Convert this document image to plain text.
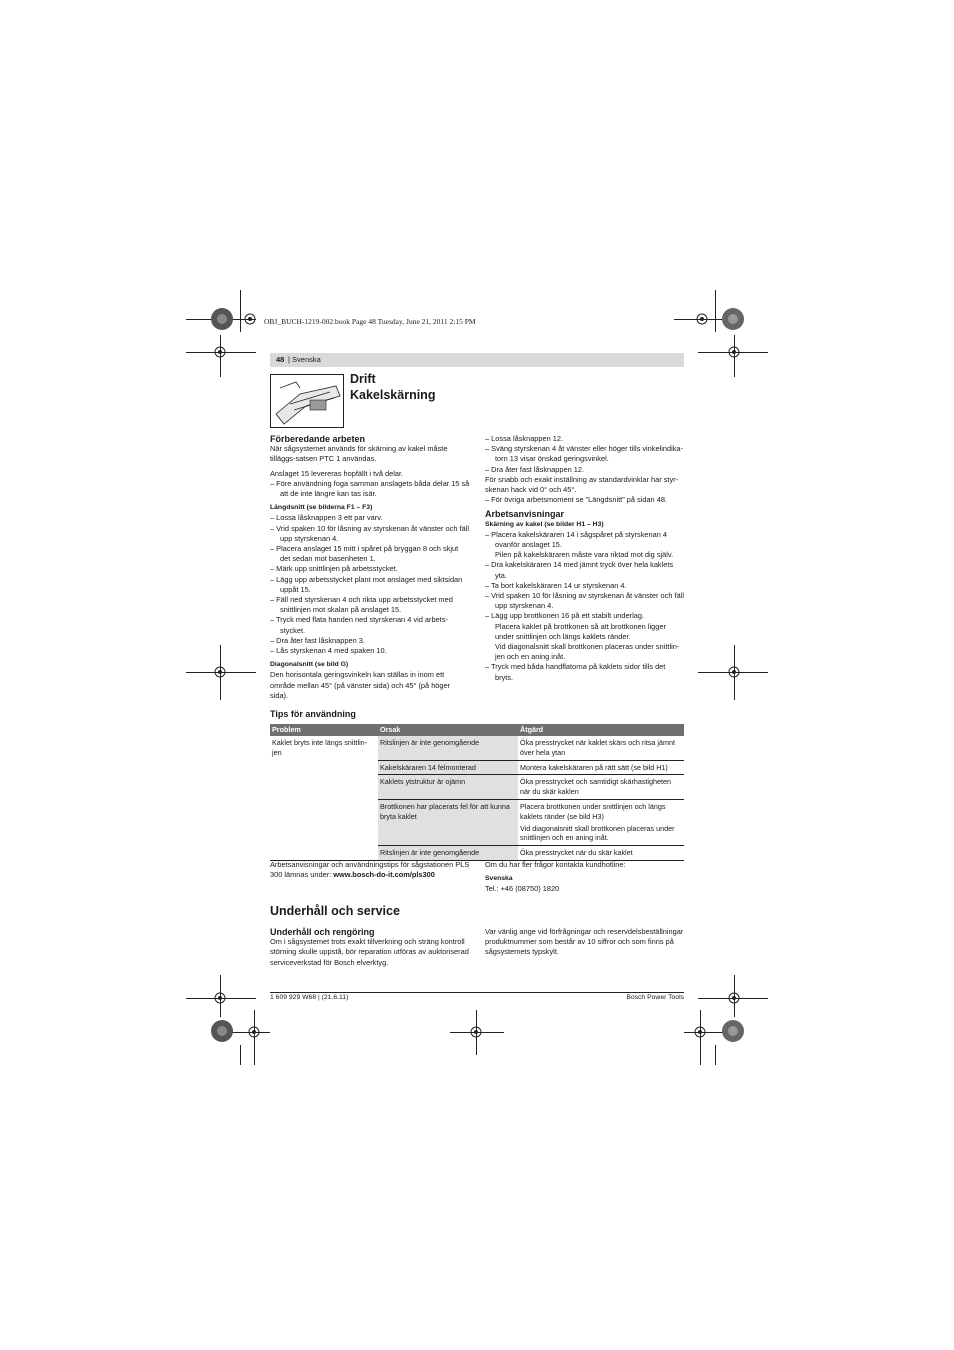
OBJ_BUCH-1219-002.book Page 48 Tuesday, June 21, 2011 2:15 PM
48 | Svenska
Drift
Kakelskärning

Förberedande arbeten

När sågsystemet används för skärning av kakel måste tilläggs-satsen PTC 1 användas.

Anslaget 15 levereras hopfällt i två delar.

– Före användning foga samman anslagets båda delar 15 så att de inte längre kan tas isär.

Längdsnitt (se bilderna F1 – F3)

– Lossa låsknappen 3 ett par varv.

– Vrid spaken 10 för låsning av styrskenan åt vänster och fäll upp styrskenan 4.

– Placera anslaget 15 mitt i spåret på bryggan 8 och skjut det sedan mot basenheten 1.

– Märk upp snittlinjen på arbetsstycket.

– Lägg upp arbetsstycket plant mot anslaget med siktsidan uppåt 15.

– Fäll ned styrskenan 4 och rikta upp arbetsstycket med snittlinjen mot skalan på anslaget 15.

– Tryck med flata handen ned styrskenan 4 vid arbets-stycket.

– Dra åter fast låsknappen 3.

– Lås styrskenan 4 med spaken 10.

Diagonalsnitt (se bild G)

Den horisontala geringsvinkeln kan ställas in inom ett område mellan 45° (på vänster sida) och 45° (på höger sida).

– Lossa låsknappen 12.

– Sväng styrskenan 4 åt vänster eller höger tills vinkelindika-torn 13 visar önskad geringsvinkel.

– Dra åter fast låsknappen 12.

För snabb och exakt inställning av standardvinklar har styr-skenan hack vid 0° och 45°.

– För övriga arbetsmoment se ”Längdsnitt” på sidan 48.

Arbetsanvisningar

Skärning av kakel (se bilder H1 – H3)

– Placera kakelskäraren 14 i sågspåret på styrskenan 4 ovanför anslaget 15.

Pilen på kakelskäraren måste vara riktad mot dig själv.

– Dra kakelskäraren 14 med jämnt tryck över hela kaklets yta.

– Ta bort kakelskäraren 14 ur styrskenan 4.

– Vrid spaken 10 för låsning av styrskenan åt vänster och fäll upp styrskenan 4.

– Lägg upp brottkonen 16 på ett stabilt underlag.

Placera kaklet på brottkonen så att brottkonen ligger under snittlinjen och längs kaklets ränder.

Vid diagonalsnitt skall brottkonen placeras under snittlin-jen och en aning inåt.

– Tryck med båda handflatorna på kaklets sidor tills det bryts.

Tips för användning
Problem	Orsak	Åtgärd
Kaklet bryts inte längs snittlin-jen	Ritslinjen är inte genomgående	Öka presstrycket när kaklet skärs och ritsa jämnt över hela ytan
	Kakelskäraren 14 felmonterad	Montera kakelskäraren på rätt sätt (se bild H1)
	Kaklets ytstruktur är ojämn	Öka presstrycket och samtidigt skärhastigheten när du skär kaklen
	Brottkonen har placerats fel för att kunna bryta kaklet	Placera brottkonen under snittlinjen och längs kaklets ränder (se bild H3)
Vid diagonalsnitt skall brottkonen placeras under snittlinjen och en aning inåt.

	Ritslinjen är inte genomgående	Öka presstrycket när du skär kaklet
Arbetsanvisningar och användningstips för sågstationen PLS 300 lämnas under: www.bosch-do-it.com/pls300

Om du har fler frågor kontakta kundhotline:

Svenska

Tel.: +46 (08750) 1820

Underhåll och service

Underhåll och rengöring

Om i sågsystemet trots exakt tillverkning och sträng kontroll störning skulle uppstå, bör reparation utföras av auktoriserad serviceverkstad för Bosch elverktyg.

Var vänlig ange vid förfrågningar och reservdelsbeställningar produktnummer som består av 10 siffror och som finns på sågsystemets typskylt.

1 609 929 W68 | (21.6.11)	Bosch Power Tools
